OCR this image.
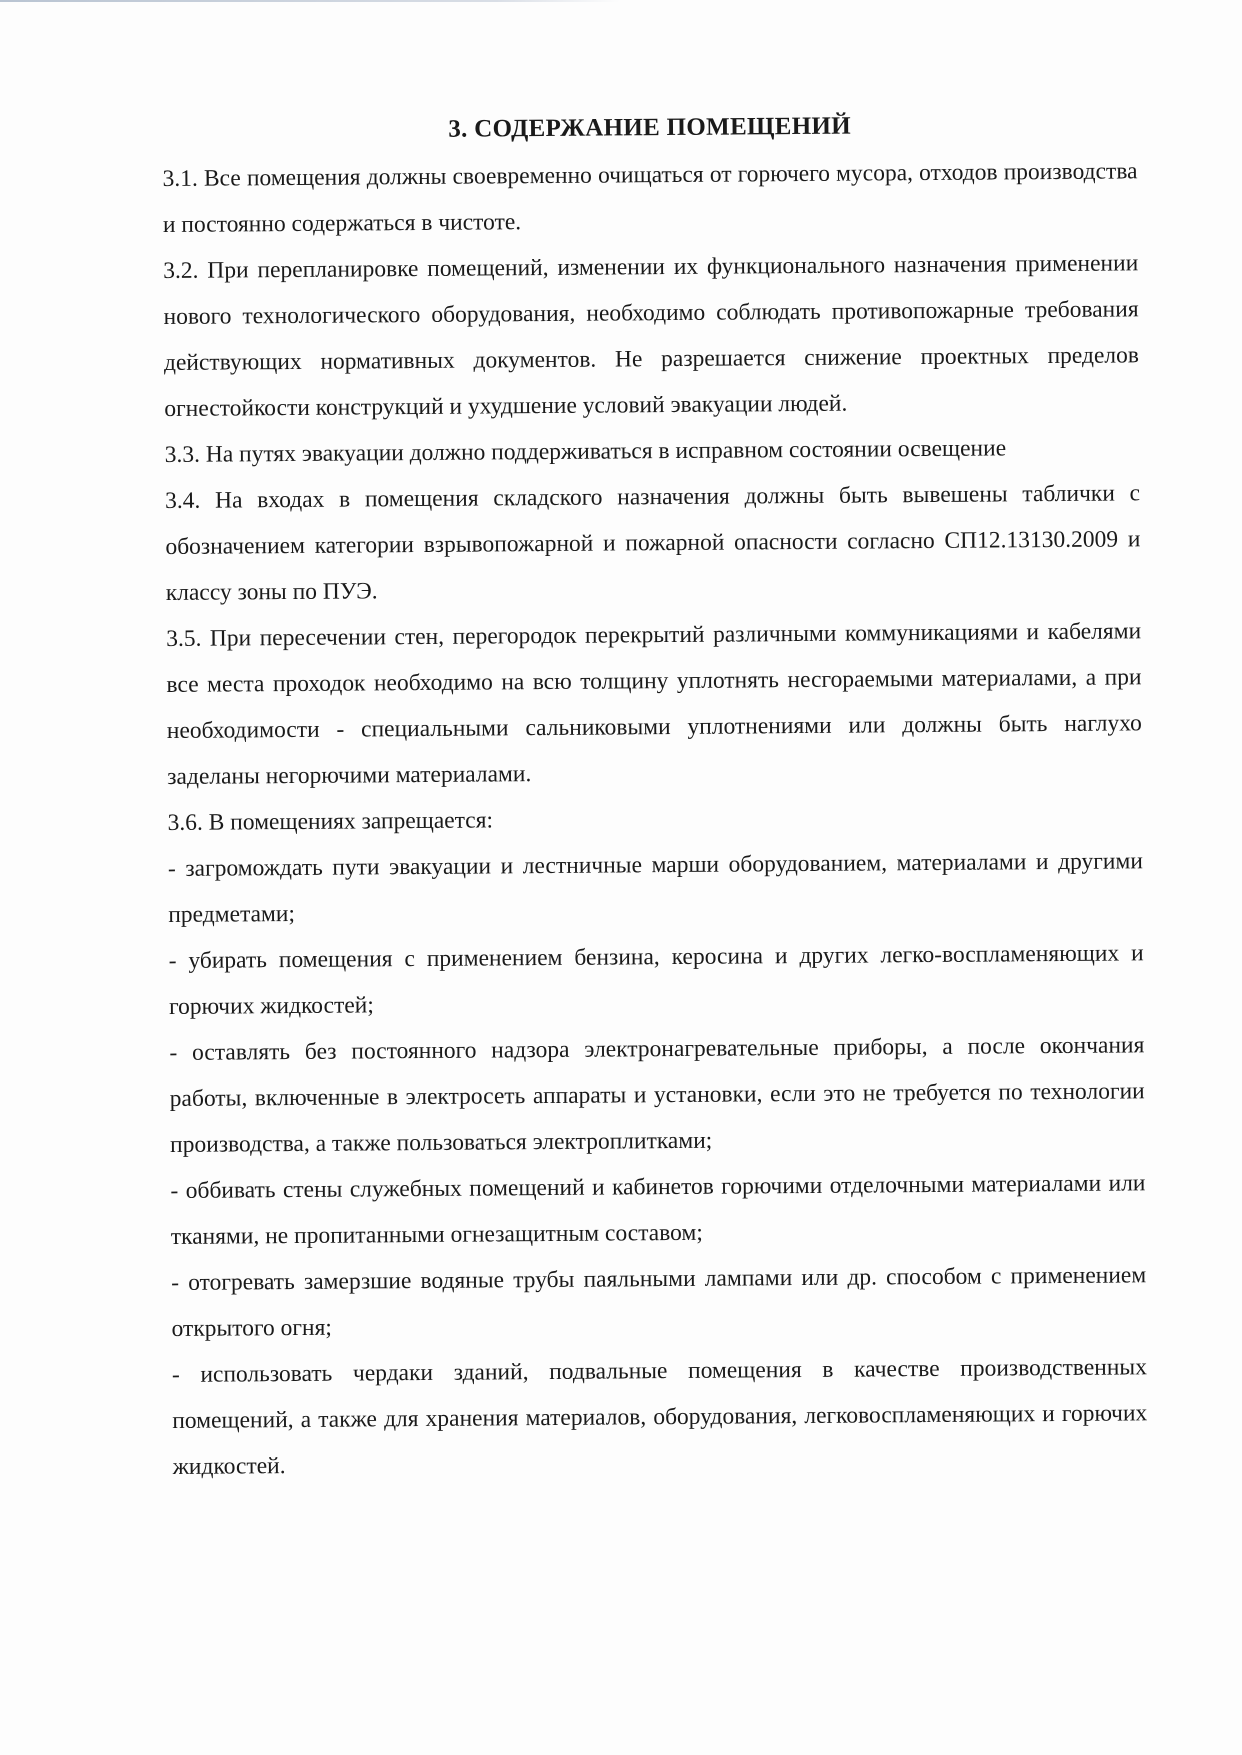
3. СОДЕРЖАНИЕ ПОМЕЩЕНИЙ

3.1. Все помещения должны своевременно очищаться от горючего мусора, отходов производства и постоянно содержаться в чистоте.

3.2. При перепланировке помещений, изменении их функционального назначения применении нового технологического оборудования, необходимо соблюдать противопожарные требования действующих нормативных документов. Не разрешается снижение проектных пределов огнестойкости конструкций и ухудшение условий эвакуации людей.

3.3. На путях эвакуации должно поддерживаться в исправном состоянии освещение

3.4. На входах в помещения складского назначения должны быть вывешены таблички с обозначением категории взрывопожарной и пожарной опасности согласно СП12.13130.2009 и классу зоны по ПУЭ.

3.5. При пересечении стен, перегородок перекрытий различными коммуникациями и кабелями все места проходок необходимо на всю толщину уплотнять несгораемыми материалами, а при необходимости - специальными сальниковыми уплотнениями или должны быть наглухо заделаны негорючими материалами.

3.6. В помещениях запрещается:

- загромождать пути эвакуации и лестничные марши оборудованием, материалами и другими предметами;

- убирать помещения с применением бензина, керосина и других легко-воспламеняющих и горючих жидкостей;

- оставлять без постоянного надзора электронагревательные приборы, а после окончания работы, включенные в электросеть аппараты и установки, если это не требуется по технологии производства, а также пользоваться электроплитками;

- оббивать стены служебных помещений и кабинетов горючими отделочными материалами или тканями, не пропитанными огнезащитным составом;

- отогревать замерзшие водяные трубы паяльными лампами или др. способом с применением открытого огня;

- использовать чердаки зданий, подвальные помещения в качестве производственных помещений, а также для хранения материалов, оборудования, легковоспламеняющих и горючих жидкостей.
